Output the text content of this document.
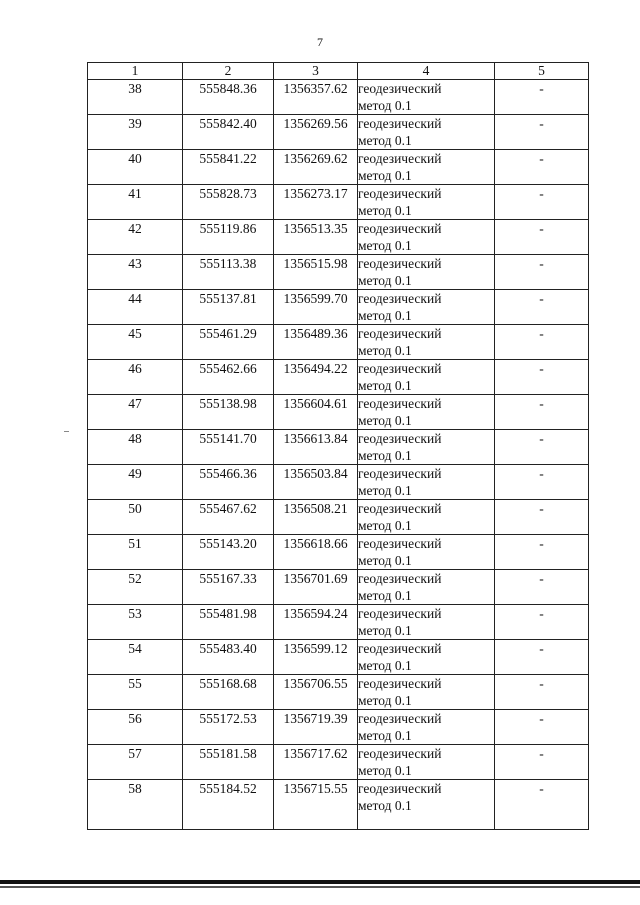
7
1	2	3	4	5
38	555848.36	1356357.62	геодезический
метод 0.1	-
39	555842.40	1356269.56	геодезический
метод 0.1	-
40	555841.22	1356269.62	геодезический
метод 0.1	-
41	555828.73	1356273.17	геодезический
метод 0.1	-
42	555119.86	1356513.35	геодезический
метод 0.1	-
43	555113.38	1356515.98	геодезический
метод 0.1	-
44	555137.81	1356599.70	геодезический
метод 0.1	-
45	555461.29	1356489.36	геодезический
метод 0.1	-
46	555462.66	1356494.22	геодезический
метод 0.1	-
47	555138.98	1356604.61	геодезический
метод 0.1	-
48	555141.70	1356613.84	геодезический
метод 0.1	-
49	555466.36	1356503.84	геодезический
метод 0.1	-
50	555467.62	1356508.21	геодезический
метод 0.1	-
51	555143.20	1356618.66	геодезический
метод 0.1	-
52	555167.33	1356701.69	геодезический
метод 0.1	-
53	555481.98	1356594.24	геодезический
метод 0.1	-
54	555483.40	1356599.12	геодезический
метод 0.1	-
55	555168.68	1356706.55	геодезический
метод 0.1	-
56	555172.53	1356719.39	геодезический
метод 0.1	-
57	555181.58	1356717.62	геодезический
метод 0.1	-
58	555184.52	1356715.55	геодезический
метод 0.1	-
